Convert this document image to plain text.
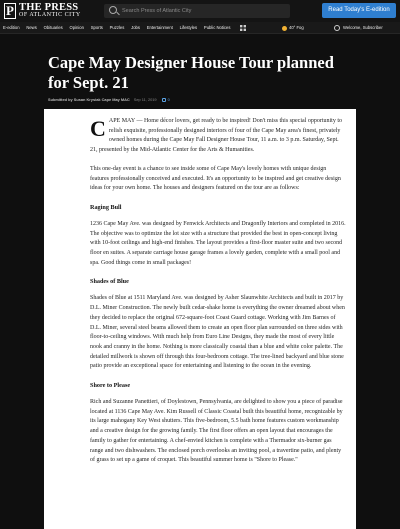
P THE PRESS
OF ATLANTIC CITY
Search Press of Atlantic City	Read Today's E-edition
E-edition News Obituaries Opinion Sports Puzzles Jobs Entertainment Lifestyles Public Notices	40° Fog	Welcome, Subscriber
Cape May Designer House Tour planned for Sept. 21
Submitted by Susan Krysiak Cape May MAC Sep 11, 2019	0

CAPE MAY — Home décor lovers, get ready to be inspired! Don't miss this special opportunity to relish exquisite, professionally designed interiors of four of the Cape May area's finest, privately owned homes during the Cape May Fall Designer House Tour, 11 a.m. to 3 p.m. Saturday, Sept. 21, presented by the Mid-Atlantic Center for the Arts & Humanities.

This one-day event is a chance to see inside some of Cape May's lovely homes with unique design features professionally conceived and executed. It's an opportunity to be inspired and get creative design ideas for your own home. The houses and designers featured on the tour are as follows:

Raging Bull

1236 Cape May Ave. was designed by Fenwick Architects and Dragonfly Interiors and completed in 2016. The objective was to optimize the lot size with a structure that provided the best in open-concept living with 10-foot ceilings and high-end finishes. The layout provides a first-floor master suite and two second floor en suites. A separate carriage house garage frames a lovely garden, complete with a small pool and spa. Good things come in small packages!

Shades of Blue

Shades of Blue at 1511 Maryland Ave. was designed by Asher Slaunwhite Architects and built in 2017 by D.L. Miner Construction. The newly built cedar-shake home is everything the owner dreamed about when they decided to replace the original 672-square-foot Coast Guard cottage. Working with Jim Barnes of D.L. Miner, several steel beams allowed them to create an open floor plan surrounded on three sides with floor-to-ceiling windows. With much help from Euro Line Designs, they made the most of every little nook and cranny in the home. Nothing is more classically coastal than a blue and white color palette. The detailed millwork is shown off through this four-bedroom cottage. The tree-lined backyard and blue stone patio provide an exceptional space for entertaining and listening to the ocean in the evening.

Shore to Please

Rich and Suzanne Panettieri, of Doylestown, Pennsylvania, are delighted to show you a piece of paradise located at 1136 Cape May Ave. Kim Russell of Classic Coastal built this beautiful home, recognizable by its large mahogany Key West shutters. This five-bedroom, 5.5 bath home features custom workmanship and a creative design for the growing family. The first floor offers an open layout that encourages the family to gather for entertaining. A chef-envied kitchen is complete with a Thermador six-burner gas range and two dishwashers. The enclosed porch overlooks an inviting pool, a travertine patio, and plenty of grass to set up a game of croquet. This beautiful summer home is "Shore to Please."
